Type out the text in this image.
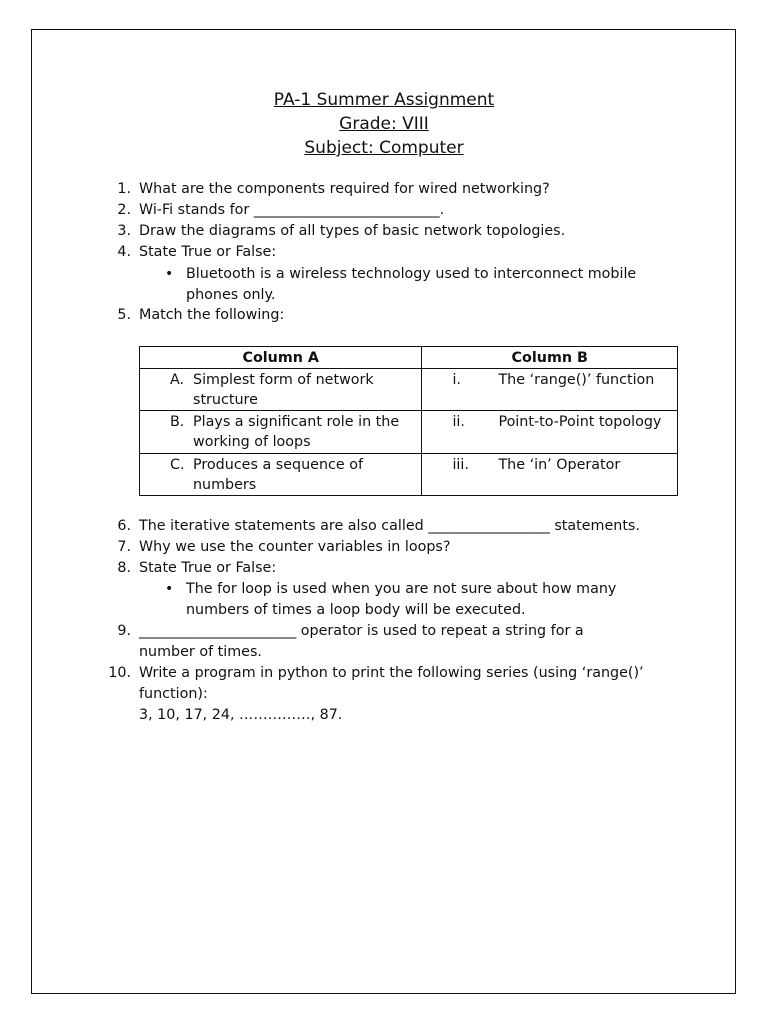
PA-1 Summer Assignment
Grade: VIII
Subject: Computer
1. What are the components required for wired networking?
2. Wi-Fi stands for __________________________.
3. Draw the diagrams of all types of basic network topologies.
4. State True or False:
• Bluetooth is a wireless technology used to interconnect mobile
phones only.
5. Match the following:
Column A	Column B

A. Simplest form of network structure	i. The ‘range()’ function

B. Plays a significant role in the working of loops	ii. Point-to-Point topology

C. Produces a sequence of numbers	iii. The ‘in’ Operator
6. The iterative statements are also called _________________ statements.
7. Why we use the counter variables in loops?
8. State True or False:
• The for loop is used when you are not sure about how many
numbers of times a loop body will be executed.
9. ______________________ operator is used to repeat a string for a
number of times.
10. Write a program in python to print the following series (using ‘range()’
function):
3, 10, 17, 24, ……………, 87.
